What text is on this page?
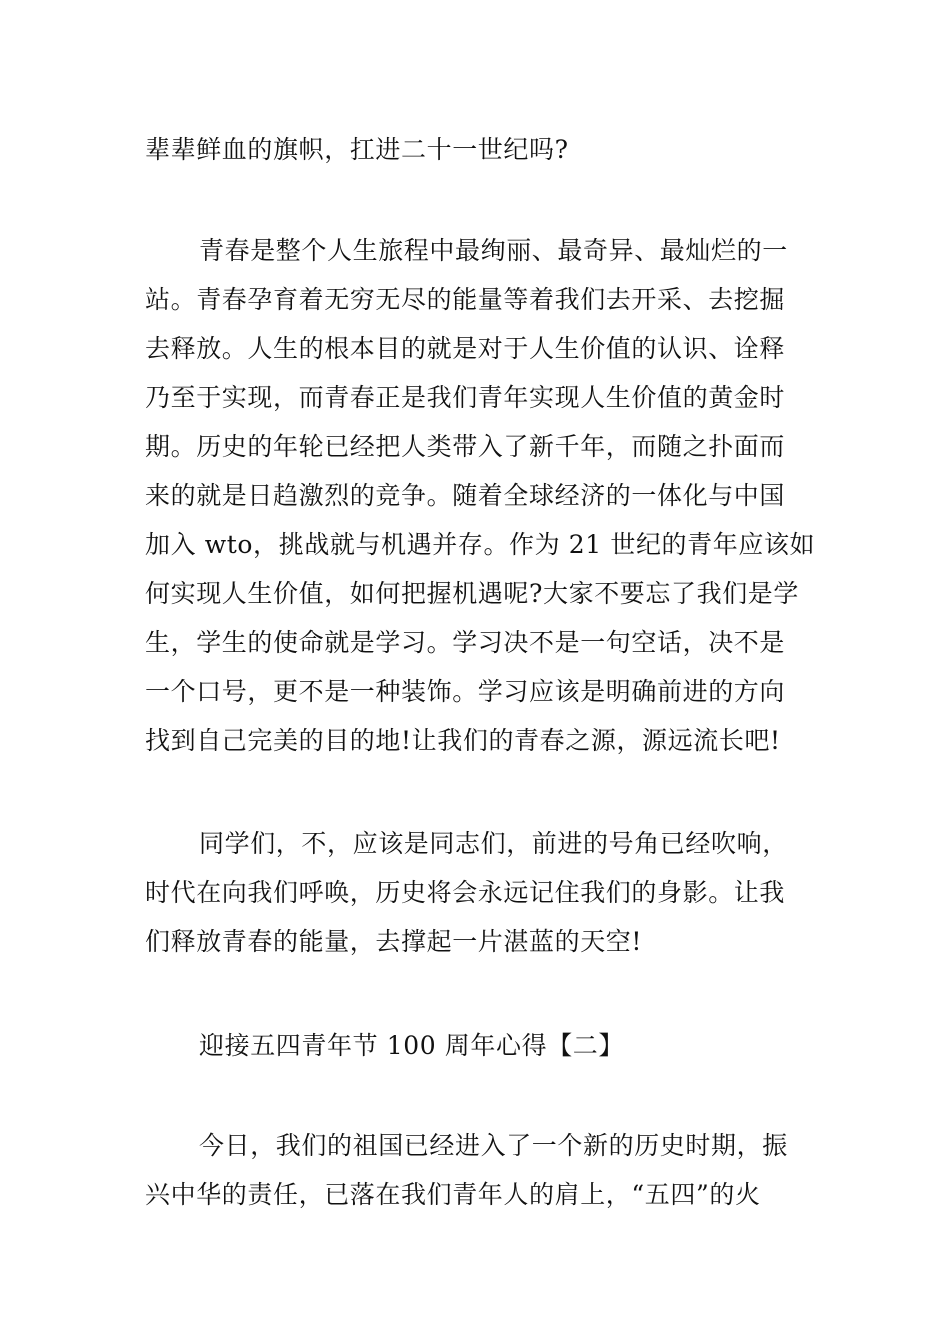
辈辈鲜血的旗帜，扛进二十一世纪吗?
青春是整个人生旅程中最绚丽、最奇异、最灿烂的一
站。青春孕育着无穷无尽的能量等着我们去开采、去挖掘
去释放。人生的根本目的就是对于人生价值的认识、诠释
乃至于实现，而青春正是我们青年实现人生价值的黄金时
期。历史的年轮已经把人类带入了新千年，而随之扑面而
来的就是日趋激烈的竞争。随着全球经济的一体化与中国
加入 wto，挑战就与机遇并存。作为 21 世纪的青年应该如
何实现人生价值，如何把握机遇呢?大家不要忘了我们是学
生，学生的使命就是学习。学习决不是一句空话，决不是
一个口号，更不是一种装饰。学习应该是明确前进的方向
找到自己完美的目的地!让我们的青春之源，源远流长吧!
同学们，不，应该是同志们，前进的号角已经吹响，
时代在向我们呼唤，历史将会永远记住我们的身影。让我
们释放青春的能量，去撑起一片湛蓝的天空!
迎接五四青年节 100 周年心得【二】
今日，我们的祖国已经进入了一个新的历史时期，振
兴中华的责任，已落在我们青年人的肩上，“五四”的火
